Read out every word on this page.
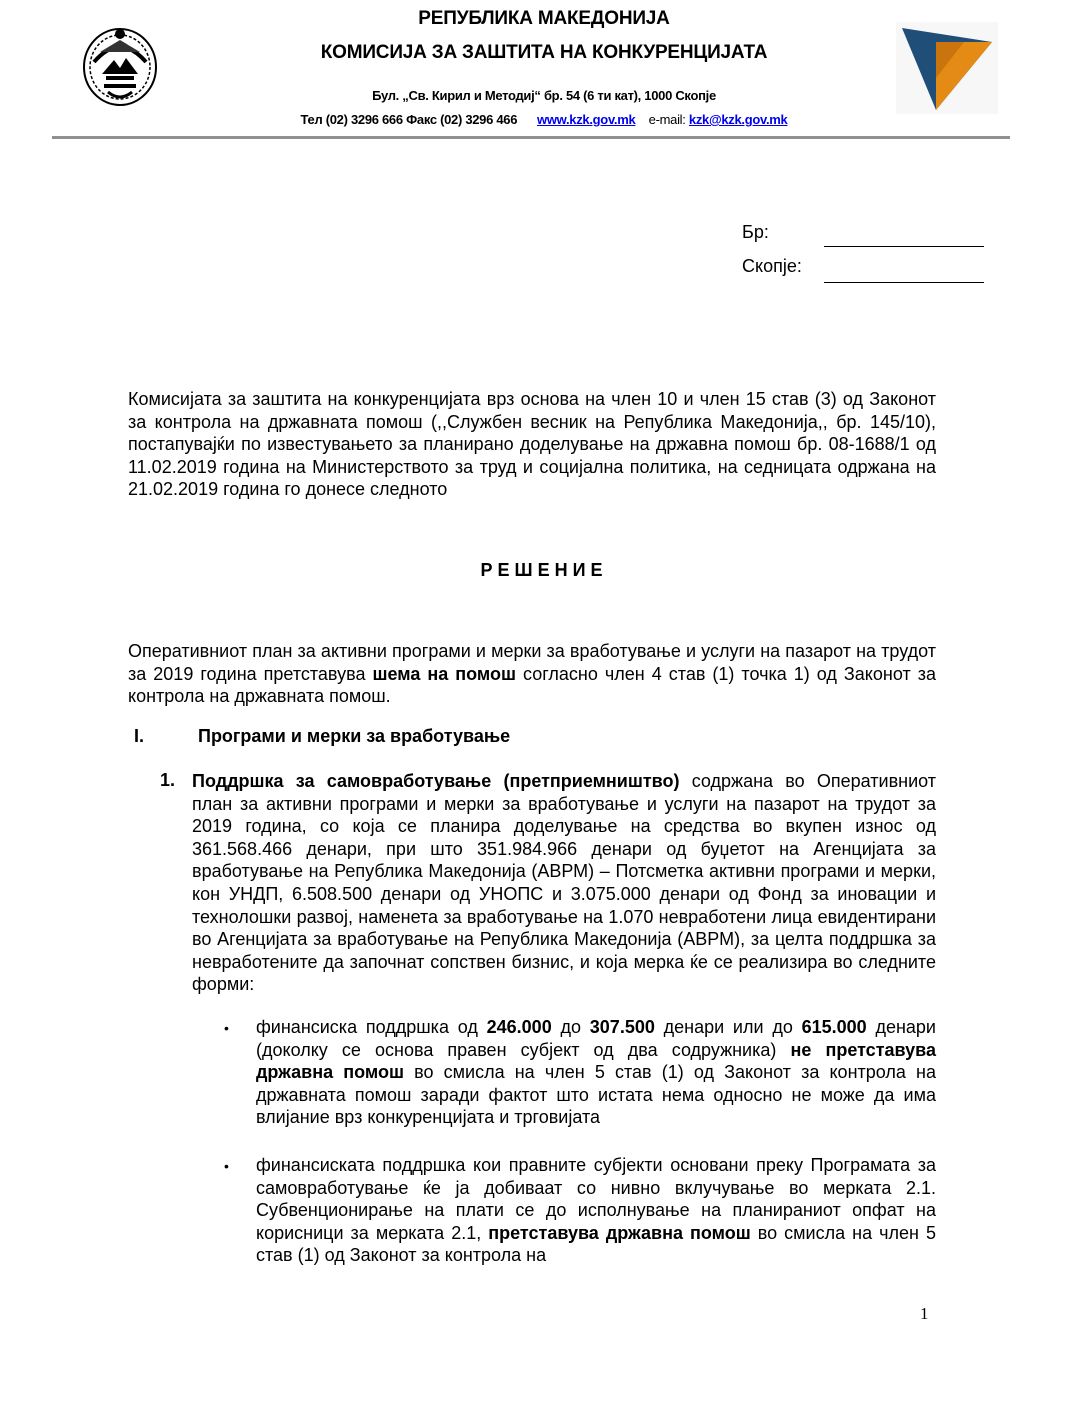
РЕПУБЛИКА МАКЕДОНИЈА
КОМИСИЈА ЗА ЗАШТИТА НА КОНКУРЕНЦИЈАТА
Бул. „Св. Кирил и Методиј“ бр. 54 (6 ти кат), 1000 Скопје
Тел (02) 3296 666 Факс (02) 3296 466 www.kzk.gov.mk e-mail: kzk@kzk.gov.mk
Бр:
Скопје:
Комисијата за заштита на конкуренцијата врз основа на член 10 и член 15 став (3) од Законот за контрола на државната помош (,,Службен весник на Република Македонија,, бр. 145/10), постапувајќи по известувањето за планирано доделување на државна помош бр. 08-1688/1 од 11.02.2019 година на Министерството за труд и социјална политика, на седницата одржана на 21.02.2019 година го донесе следното
РЕШЕНИЕ
Оперативниот план за активни програми и мерки за вработување и услуги на пазарот на трудот за 2019 година претставува шема на помош согласно член 4 став (1) точка 1) од Законот за контрола на државната помош.
I.	Програми и мерки за вработување
1. Поддршка за самовработување (претприемништво) содржана во Оперативниот план за активни програми и мерки за вработување и услуги на пазарот на трудот за 2019 година, со која се планира доделување на средства во вкупен износ од 361.568.466 денари, при што 351.984.966 денари од буџетот на Агенцијата за вработување на Република Македонија (АВРМ) – Потсметка активни програми и мерки, кон УНДП, 6.508.500 денари од УНОПС и 3.075.000 денари од Фонд за иновации и технолошки развој, наменета за вработување на 1.070 невработени лица евидентирани во Агенцијата за вработување на Република Македонија (АВРМ), за целта поддршка за невработените да започнат сопствен бизнис, и која мерка ќе се реализира во следните форми:
• финансиска поддршка од 246.000 до 307.500 денари или до 615.000 денари (доколку се основа правен субјект од два содружника) не претставува државна помош во смисла на член 5 став (1) од Законот за контрола на државната помош заради фактот што истата нема односно не може да има влијание врз конкуренцијата и трговијата
• финансиската поддршка кои правните субјекти основани преку Програмата за самовработување ќе ја добиваат со нивно вклучување во мерката 2.1. Субвенционирање на плати се до исполнување на планираниот опфат на корисници за мерката 2.1, претставува државна помош во смисла на член 5 став (1) од Законот за контрола на
1
